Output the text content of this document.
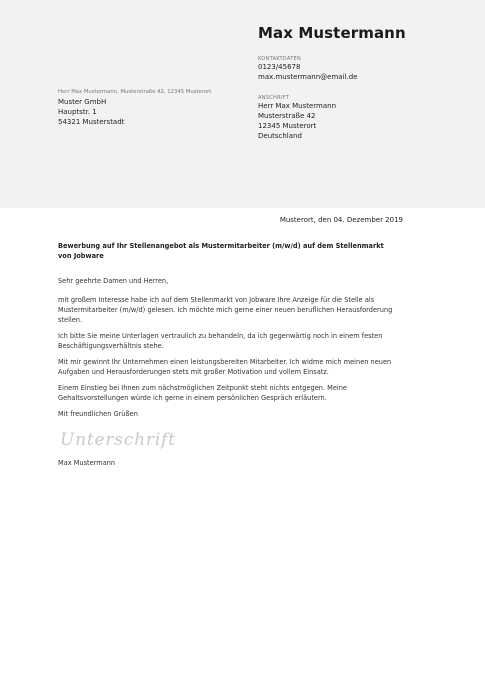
Max Mustermann
KONTAKTDATEN
0123/45678
max.mustermann@email.de
ANSCHRIFT
Herr Max Mustermann
Musterstraße 42
12345 Musterort
Deutschland
Herr Max Mustermann, Musterstraße 42, 12345 Musterort
Muster GmbH
Hauptstr. 1
54321 Musterstadt
Musterort, den 04. Dezember 2019
Bewerbung auf Ihr Stellenangebot als Mustermitarbeiter (m/w/d) auf dem Stellenmarkt von Jobware
Sehr geehrte Damen und Herren,
mit großem Interesse habe ich auf dem Stellenmarkt von Jobware Ihre Anzeige für die Stelle als Mustermitarbeiter (m/w/d) gelesen. Ich möchte mich gerne einer neuen beruflichen Herausforderung stellen.
Ich bitte Sie meine Unterlagen vertraulich zu behandeln, da ich gegenwärtig noch in einem festen Beschäftigungsverhältnis stehe.
Mit mir gewinnt Ihr Unternehmen einen leistungsbereiten Mitarbeiter. Ich widme mich meinen neuen Aufgaben und Herausforderungen stets mit großer Motivation und vollem Einsatz.
Einem Einstieg bei Ihnen zum nächstmöglichen Zeitpunkt steht nichts entgegen. Meine Gehaltsvorstellungen würde ich gerne in einem persönlichen Gespräch erläutern.
Mit freundlichen Grüßen
Unterschrift
Max Mustermann
